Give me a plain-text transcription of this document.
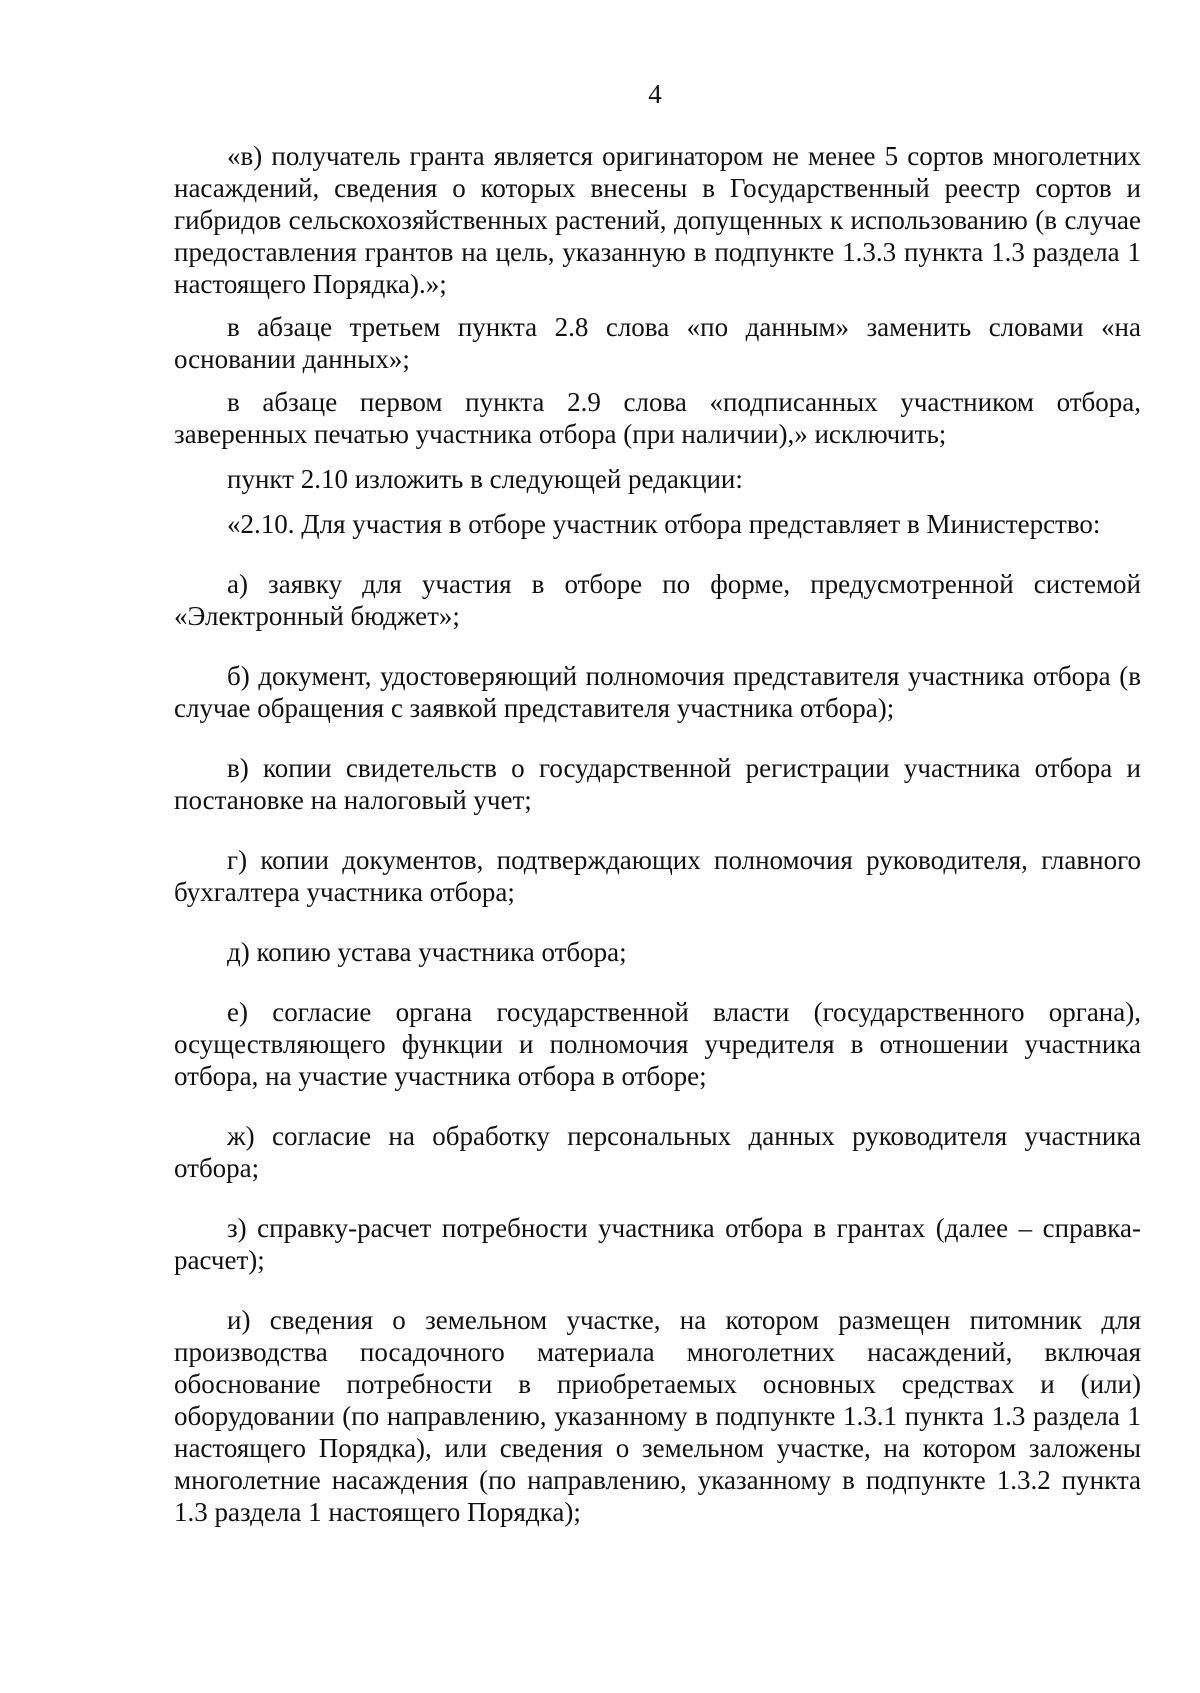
4

«в) получатель гранта является оригинатором не менее 5 сортов многолетних насаждений, сведения о которых внесены в Государственный реестр сортов и гибридов сельскохозяйственных растений, допущенных к использованию (в случае предоставления грантов на цель, указанную в подпункте 1.3.3 пункта 1.3 раздела 1 настоящего Порядка).»;

в абзаце третьем пункта 2.8 слова «по данным» заменить словами «на основании данных»;

в абзаце первом пункта 2.9 слова «подписанных участником отбора, заверенных печатью участника отбора (при наличии),» исключить;

пункт 2.10 изложить в следующей редакции:

«2.10. Для участия в отборе участник отбора представляет в Министерство:

а) заявку для участия в отборе по форме, предусмотренной системой «Электронный бюджет»;

б) документ, удостоверяющий полномочия представителя участника отбора (в случае обращения с заявкой представителя участника отбора);

в) копии свидетельств о государственной регистрации участника отбора и постановке на налоговый учет;

г) копии документов, подтверждающих полномочия руководителя, главного бухгалтера участника отбора;

д) копию устава участника отбора;

е) согласие органа государственной власти (государственного органа), осуществляющего функции и полномочия учредителя в отношении участника отбора, на участие участника отбора в отборе;

ж) согласие на обработку персональных данных руководителя участника отбора;

з) справку-расчет потребности участника отбора в грантах (далее – справка-расчет);

и) сведения о земельном участке, на котором размещен питомник для производства посадочного материала многолетних насаждений, включая обоснование потребности в приобретаемых основных средствах и (или) оборудовании (по направлению, указанному в подпункте 1.3.1 пункта 1.3 раздела 1 настоящего Порядка), или сведения о земельном участке, на котором заложены многолетние насаждения (по направлению, указанному в подпункте 1.3.2 пункта 1.3 раздела 1 настоящего Порядка);
